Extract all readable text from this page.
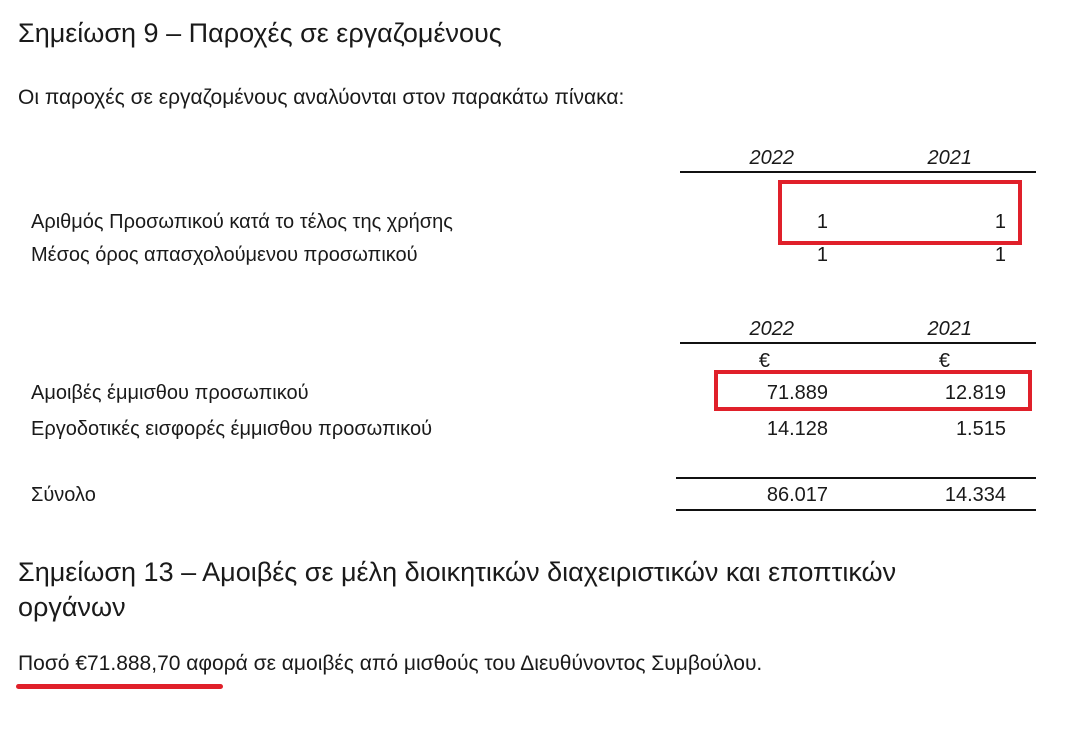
Σημείωση 9 – Παροχές σε εργαζομένους
Οι παροχές σε εργαζομένους αναλύονται στον παρακάτω πίνακα:
2022	2021
Αριθμός Προσωπικού κατά το τέλος της χρήσης	1	1
Μέσος όρος απασχολούμενου προσωπικού	1	1
2022	2021
€	€
Αμοιβές έμμισθου προσωπικού	71.889	12.819
Εργοδοτικές εισφορές έμμισθου προσωπικού	14.128	1.515
Σύνολο	86.017	14.334
Σημείωση 13 – Αμοιβές σε μέλη διοικητικών διαχειριστικών και εποπτικών
οργάνων
Ποσό €71.888,70 αφορά σε αμοιβές από μισθούς του Διευθύνοντος Συμβούλου.
